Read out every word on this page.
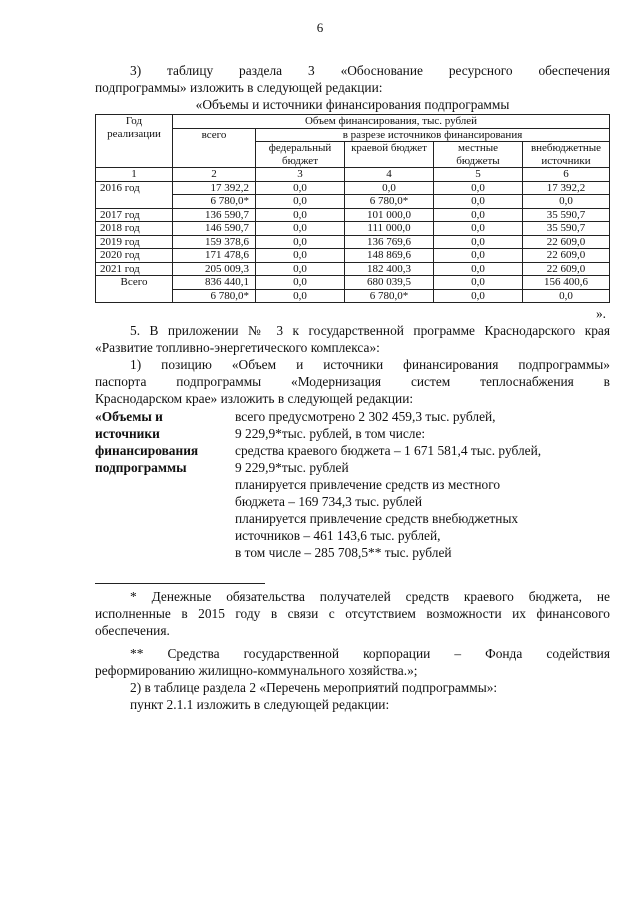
6

3) таблицу раздела 3 «Обоснование ресурсного обеспечения

подпрограммы» изложить в следующей редакции:

«Объемы и источники финансирования подпрограммы

Год реализации	Объем финансирования, тыс. рублей				
	всего	в разрезе источников финансирования			
		федеральный бюджет	краевой бюджет	местные бюджеты	внебюджетные источники
1	2	3	4	5	6
2016 год	17 392,2	0,0	0,0	0,0	17 392,2
	6 780,0*	0,0	6 780,0*	0,0	0,0
2017 год	136 590,7	0,0	101 000,0	0,0	35 590,7
2018 год	146 590,7	0,0	111 000,0	0,0	35 590,7
2019 год	159 378,6	0,0	136 769,6	0,0	22 609,0
2020 год	171 478,6	0,0	148 869,6	0,0	22 609,0
2021 год	205 009,3	0,0	182 400,3	0,0	22 609,0
Всего	836 440,1	0,0	680 039,5	0,0	156 400,6
	6 780,0*	0,0	6 780,0*	0,0	0,0

».

5. В приложении № 3 к государственной программе Краснодарского края

«Развитие топливно-энергетического комплекса»:

1) позицию «Объем и источники финансирования подпрограммы»

паспорта подпрограммы «Модернизация систем теплоснабжения в

Краснодарском крае» изложить в следующей редакции:

«Объемы и
источники
финансирования
подпрограммы
всего предусмотрено 2 302 459,3 тыс. рублей,
9 229,9*тыс. рублей, в том числе:
средства краевого бюджета – 1 671 581,4 тыс. рублей,
9 229,9*тыс. рублей
планируется привлечение средств из местного
бюджета – 169 734,3 тыс. рублей
планируется привлечение средств внебюджетных
источников – 461 143,6 тыс. рублей,
в том числе – 285 708,5** тыс. рублей

* Денежные обязательства получателей средств краевого бюджета, не

исполненные в 2015 году в связи с отсутствием возможности их финансового

обеспечения.

** Средства государственной корпорации – Фонда содействия

реформированию жилищно-коммунального хозяйства.»;

2) в таблице раздела 2 «Перечень мероприятий подпрограммы»:

пункт 2.1.1 изложить в следующей редакции:
